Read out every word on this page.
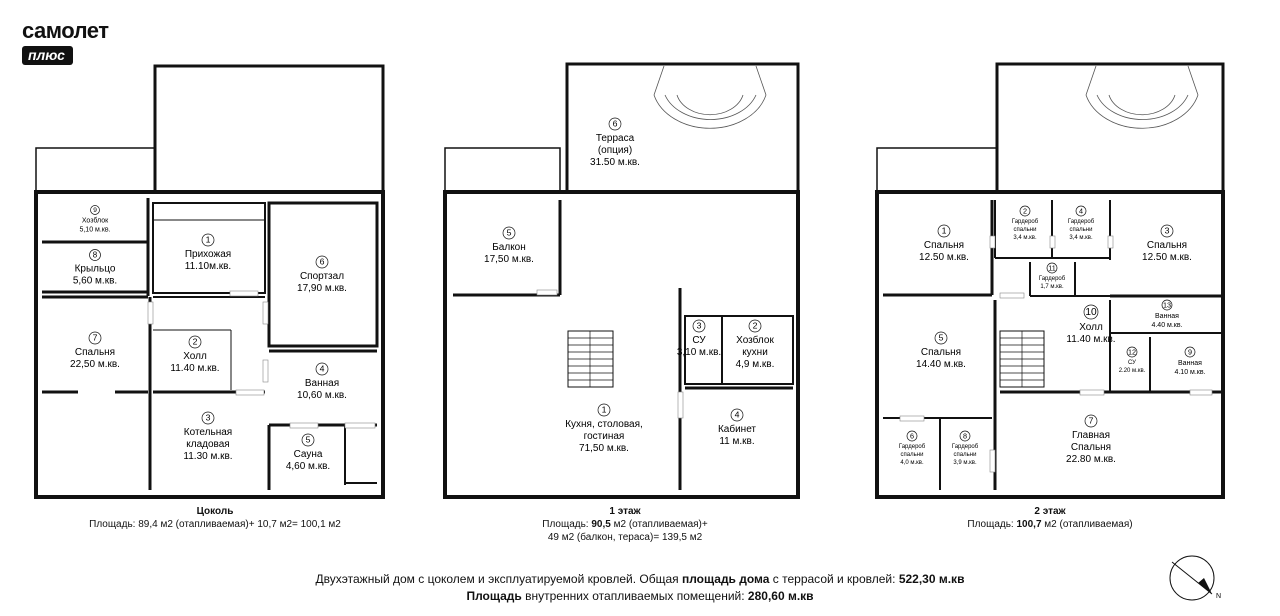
9
Хозблок
5,10 м.кв.
8
Крыльцо
5,60 м.кв.
1
Прихожая
11.10м.кв.	6
Спортзал
17,90 м.кв.
7
Спальня
22,50 м.кв.
2
Холл
11.40 м.кв.	4
Ванная
10,60 м.кв.
3
Котельная
кладовая
11.30 м.кв.
5
Сауна
4,60 м.кв.
6
Терраса
(опция)
31.50 м.кв.
5
Балкон
17,50 м.кв.
3
СУ
3,10 м.кв.
2
Хозблок
кухни
4,9 м.кв.
1
Кухня, столовая,
гостиная
71,50 м.кв.
4
Кабинет
11 м.кв.
1
Спальня
12.50 м.кв.
2
Гардероб
спальни
3,4 м.кв.
4
Гардероб
спальни
3,4 м.кв.
3
Спальня
12.50 м.кв.
11
Гардероб
1,7 м.кв.
5
Спальня
14.40 м.кв.
10
Холл
11.40 м.кв.
13
Ванная
4.40 м.кв.
12
СУ
2.20 м.кв.
9
Ванная
4.10 м.кв.
6
Гардероб
спальни
4,0 м.кв.
8
Гардероб
спальни
3,9 м.кв.
7
Главная
Спальня
22.80 м.кв.
N
самолет
плюс
Цоколь
Площадь: 89,4 м2 (отапливаемая)+ 10,7 м2= 100,1 м2
1 этаж
Площадь: 90,5 м2 (отапливаемая)+
49 м2 (балкон, тераcа)= 139,5 м2
2 этаж
Площадь: 100,7 м2 (отапливаемая)
Двухэтажный дом с цоколем и эксплуатируемой кровлей. Общая площадь дома с террасой и кровлей: 522,30 м.кв
Площадь внутренних отапливаемых помещений: 280,60 м.кв
